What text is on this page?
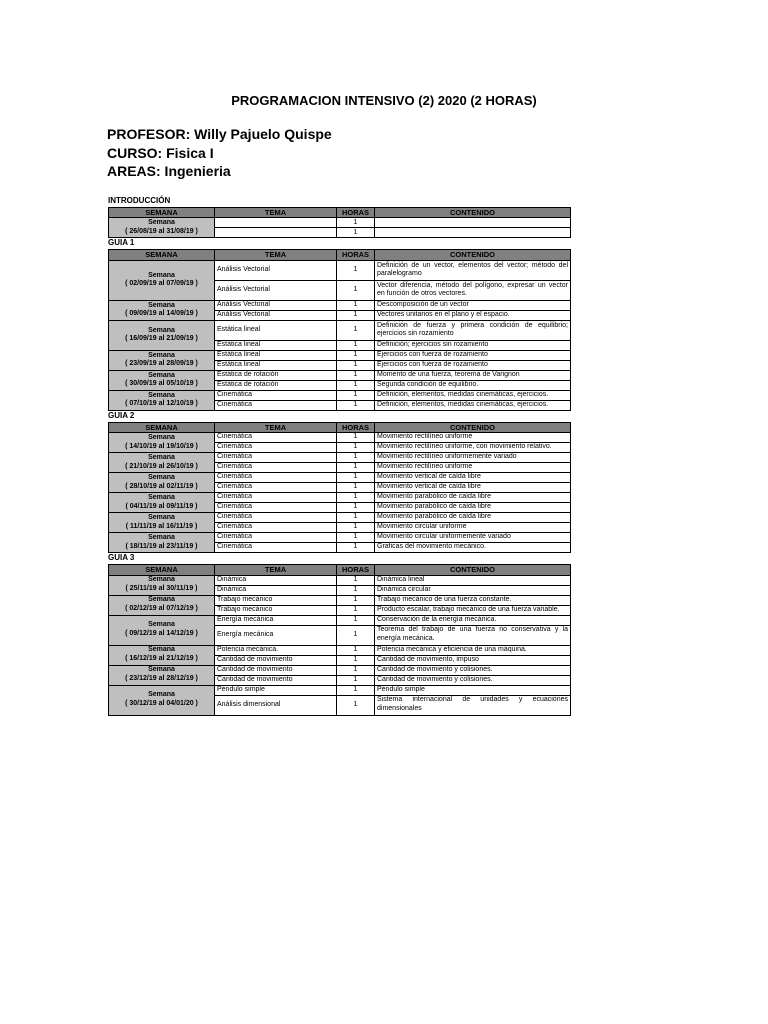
PROGRAMACION INTENSIVO (2) 2020 (2 HORAS)
PROFESOR: Willy Pajuelo Quispe
CURSO: Fisica I
AREAS: Ingenieria
INTRODUCCIÓN
SEMANA	TEMA	HORAS	CONTENIDO

Semana
( 26/08/19 al 31/08/19 )		1	
		1	
GUIA 1
SEMANA	TEMA	HORAS	CONTENIDO

Semana
( 02/09/19 al 07/09/19 )	Análisis Vectorial	1	Definición de un vector, elementos del vector; método del paralelogramo
	Análisis Vectorial	1	Vector diferencia, método del polígono, expresar un vector en función de otros vectores.

Semana
( 09/09/19 al 14/09/19 )	Análisis Vectorial	1	Descomposición de un vector
	Análisis Vectorial	1	Vectores unitarios en el plano y el espacio.

Semana
( 16/09/19 al 21/09/19 )	Estática lineal	1	Definición de fuerza y primera condición de equilibrio; ejercicios sin rozamiento
	Estática lineal	1	Definición; ejercicios sin rozamiento

Semana
( 23/09/19 al 28/09/19 )	Estática lineal	1	Ejercicios con fuerza de rozamiento
	Estática lineal	1	Ejercicios con fuerza de rozamiento

Semana
( 30/09/19 al 05/10/19 )	Estática de rotación	1	Momento de una fuerza, teorema de Varignon
	Estática de rotación	1	Segunda condición de equilibrio.

Semana
( 07/10/19 al 12/10/19 )	Cinemática	1	Definición, elementos, medidas cinemáticas, ejercicios.
	Cinemática	1	Definición, elementos, medidas cinemáticas, ejercicios.
GUIA 2
SEMANA	TEMA	HORAS	CONTENIDO

Semana
( 14/10/19 al 19/10/19 )	Cinemática	1	Movimiento rectilíneo uniforme
	Cinemática	1	Movimiento rectilíneo uniforme, con movimiento relativo.

Semana
( 21/10/19 al 26/10/19 )	Cinemática	1	Movimiento rectilíneo uniformemente variado
	Cinemática	1	Movimiento rectilíneo uniforme

Semana
( 28/10/19 al 02/11/19 )	Cinemática	1	Movimiento vertical de caída libre
	Cinemática	1	Movimiento vertical de caída libre

Semana
( 04/11/19 al 09/11/19 )	Cinemática	1	Movimiento parabólico de caída libre
	Cinemática	1	Movimiento parabólico de caída libre

Semana
( 11/11/19 al 16/11/19 )	Cinemática	1	Movimiento parabólico de caída libre
	Cinemática	1	Movimiento circular uniforme

Semana
( 18/11/19 al 23/11/19 )	Cinemática	1	Movimiento circular uniformemente variado
	Cinemática	1	Graficas del movimiento mecánico.
GUIA 3
SEMANA	TEMA	HORAS	CONTENIDO

Semana
( 25/11/19 al 30/11/19 )	Dinámica	1	Dinámica lineal
	Dinámica	1	Dinámica circular

Semana
( 02/12/19 al 07/12/19 )	Trabajo mecánico	1	Trabajo mecánico de una fuerza constante.
	Trabajo mecánico	1	Producto escalar, trabajo mecánico de una fuerza variable.

Semana
( 09/12/19 al 14/12/19 )	Energía mecánica	1	Conservación de la energía mecánica.
	Energía mecánica	1	Teorema del trabajo de una fuerza no conservativa y la energía mecánica.

Semana
( 16/12/19 al 21/12/19 )	Potencia mecánica.	1	Potencia mecánica y eficiencia de una máquina.
	Cantidad de movimiento	1	Cantidad de movimiento, impuso

Semana
( 23/12/19 al 28/12/19 )	Cantidad de movimiento	1	Cantidad de movimiento y colisiones.
	Cantidad de movimiento	1	Cantidad de movimiento y colisiones.

Semana
( 30/12/19 al 04/01/20 )	Péndulo simple	1	Péndulo simple
	Análisis dimensional	1	Sistema internacional de unidades y ecuaciones dimensionales
